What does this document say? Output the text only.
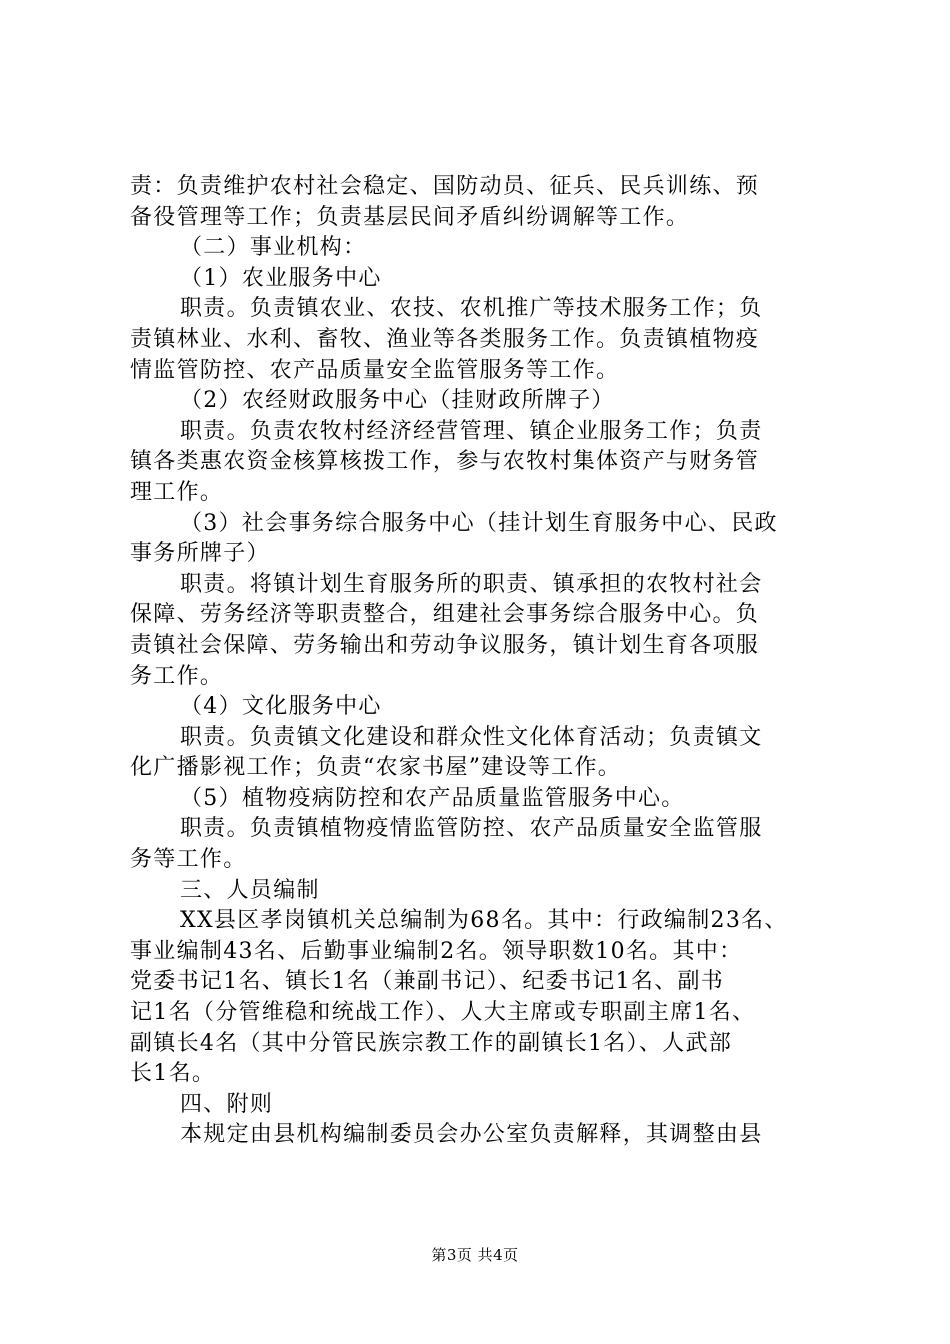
责：负责维护农村社会稳定、国防动员、征兵、民兵训练、预

备役管理等工作；负责基层民间矛盾纠纷调解等工作。

（二）事业机构：

（1）农业服务中心

职责。负责镇农业、农技、农机推广等技术服务工作；负

责镇林业、水利、畜牧、渔业等各类服务工作。负责镇植物疫

情监管防控、农产品质量安全监管服务等工作。

（2）农经财政服务中心（挂财政所牌子）

职责。负责农牧村经济经营管理、镇企业服务工作；负责

镇各类惠农资金核算核拨工作，参与农牧村集体资产与财务管

理工作。

（3）社会事务综合服务中心（挂计划生育服务中心、民政

事务所牌子）

职责。将镇计划生育服务所的职责、镇承担的农牧村社会

保障、劳务经济等职责整合，组建社会事务综合服务中心。负

责镇社会保障、劳务输出和劳动争议服务，镇计划生育各项服

务工作。

（4）文化服务中心

职责。负责镇文化建设和群众性文化体育活动；负责镇文

化广播影视工作；负责“农家书屋”建设等工作。

（5）植物疫病防控和农产品质量监管服务中心。

职责。负责镇植物疫情监管防控、农产品质量安全监管服

务等工作。

三、人员编制

XX县区孝岗镇机关总编制为68名。其中：行政编制23名、

事业编制43名、后勤事业编制2名。领导职数10名。其中：

党委书记1名、镇长1名（兼副书记）、纪委书记1名、副书

记1名（分管维稳和统战工作）、人大主席或专职副主席1名、

副镇长4名（其中分管民族宗教工作的副镇长1名）、人武部

长1名。

四、附则

本规定由县机构编制委员会办公室负责解释，其调整由县

第3页 共4页
